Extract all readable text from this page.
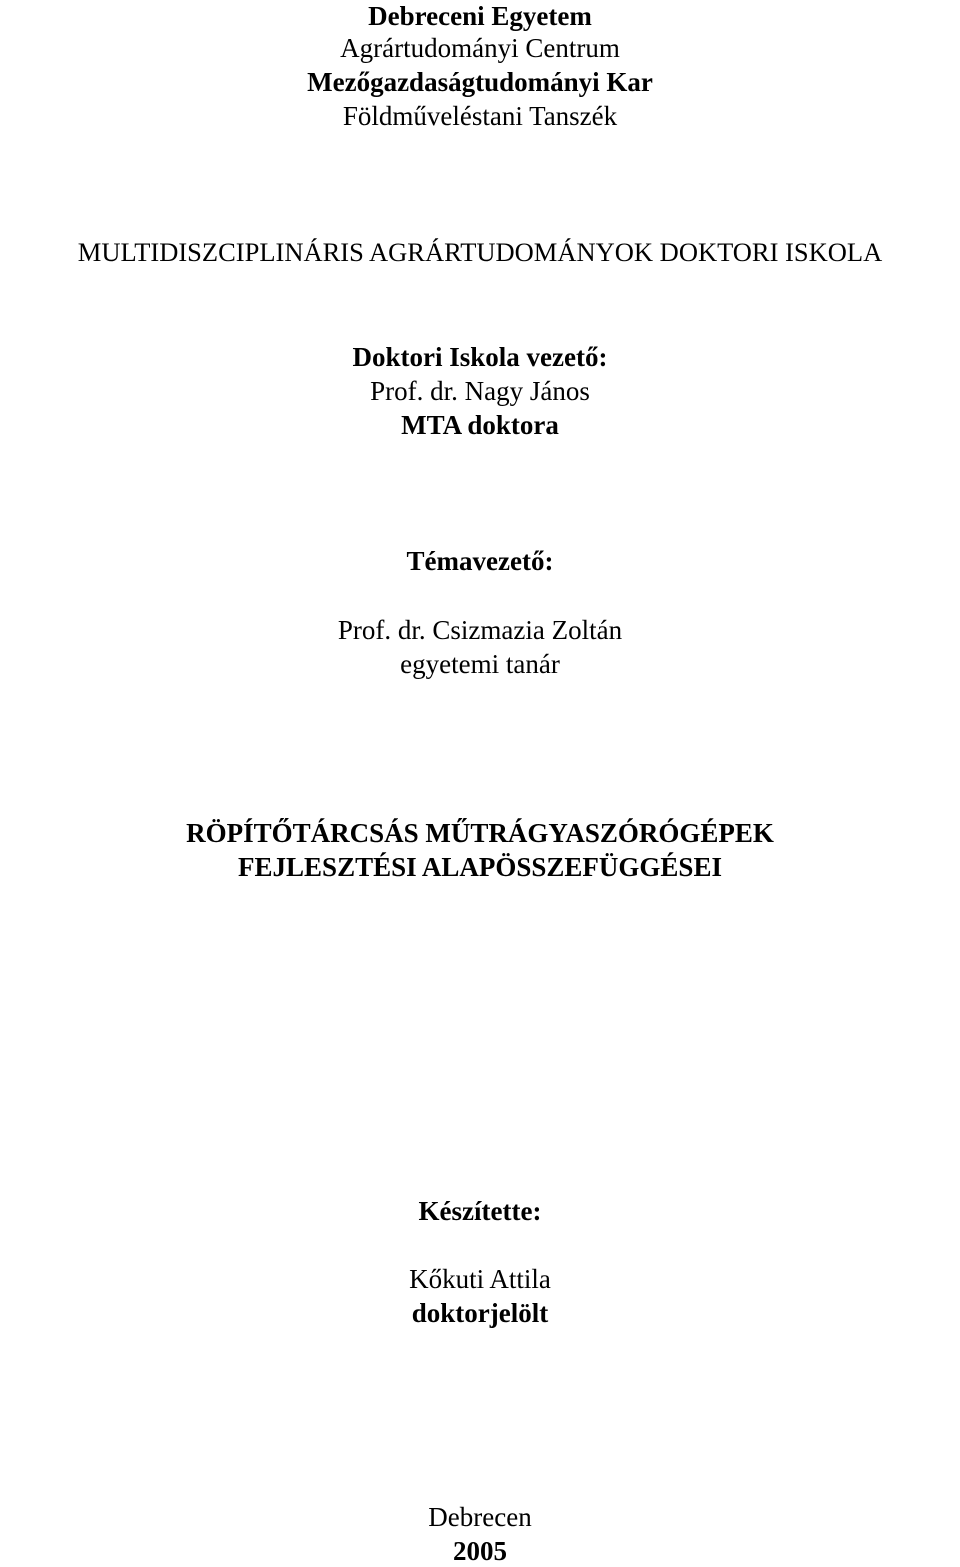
Debreceni Egyetem
Agrártudományi Centrum
Mezőgazdaságtudományi Kar
Földműveléstani Tanszék
MULTIDISZCIPLINÁRIS AGRÁRTUDOMÁNYOK DOKTORI ISKOLA
Doktori Iskola vezető:
Prof. dr. Nagy János
MTA doktora
Témavezető:
Prof. dr. Csizmazia Zoltán
egyetemi tanár
RÖPÍTŐTÁRCSÁS MŰTRÁGYASZÓRÓGÉPEK
FEJLESZTÉSI ALAPÖSSZEFÜGGÉSEI
Készítette:
Kőkuti Attila
doktorjelölt
Debrecen
2005
